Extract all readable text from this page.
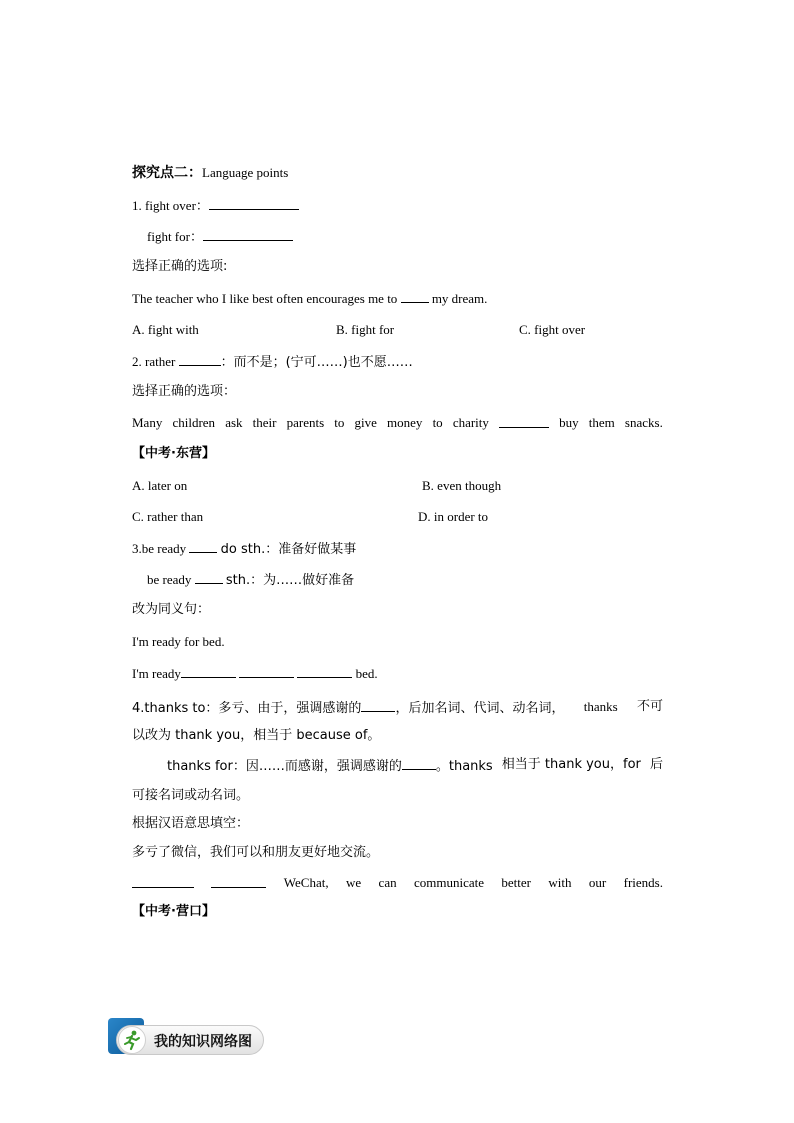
探究点二：Language points
1. fight over：
fight for：
选择正确的选项:
The teacher who I like best often encourages me to	my dream.
A. fight with	B. fight for	C. fight over
2. rather	：而不是；(宁可……)也不愿……
选择正确的选项：
Many children ask their parents to give money to charity	buy them snacks.
【中考·东营】
A. later on	B. even though
C. rather than	D. in order to
3.be ready	do sth.：准备好做某事
be ready	sth.：为……做好准备
改为同义句：
I'm ready for bed.
I'm ready	bed.
4.thanks to：多亏、由于，强调感谢的	，后加名词、代词、动名词， thanks 不可
以改为 thank you，相当于 because of。
thanks for：因……而感谢，强调感谢的	。thanks 相当于 thank you，for 后
可接名词或动名词。
根据汉语意思填空：
多亏了微信，我们可以和朋友更好地交流。
WeChat, we can communicate better with our friends.
【中考·营口】
我的知识网络图
